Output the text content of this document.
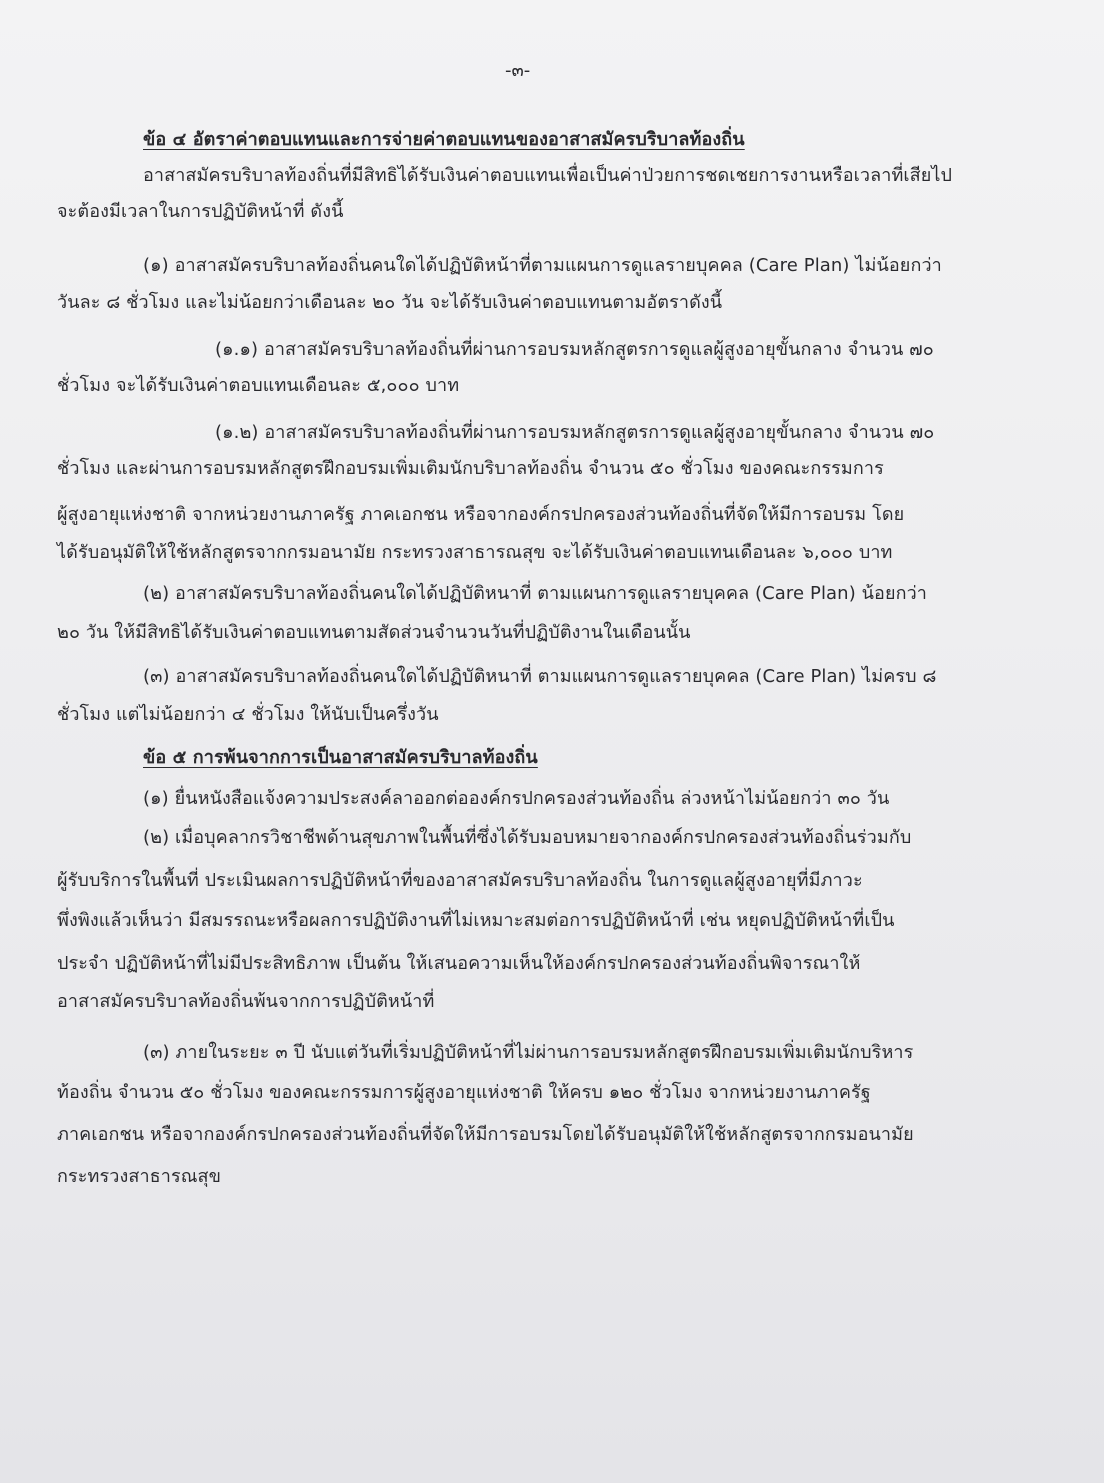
-๓-
ข้อ ๔ อัตราค่าตอบแทนและการจ่ายค่าตอบแทนของอาสาสมัครบริบาลท้องถิ่น
อาสาสมัครบริบาลท้องถิ่นที่มีสิทธิได้รับเงินค่าตอบแทนเพื่อเป็นค่าป่วยการชดเชยการงานหรือเวลาที่เสียไป
จะต้องมีเวลาในการปฏิบัติหน้าที่ ดังนี้
(๑) อาสาสมัครบริบาลท้องถิ่นคนใดได้ปฏิบัติหน้าที่ตามแผนการดูแลรายบุคคล (Care Plan) ไม่น้อยกว่า
วันละ ๘ ชั่วโมง และไม่น้อยกว่าเดือนละ ๒๐ วัน จะได้รับเงินค่าตอบแทนตามอัตราดังนี้
(๑.๑) อาสาสมัครบริบาลท้องถิ่นที่ผ่านการอบรมหลักสูตรการดูแลผู้สูงอายุขั้นกลาง จำนวน ๗๐
ชั่วโมง จะได้รับเงินค่าตอบแทนเดือนละ ๕,๐๐๐ บาท
(๑.๒) อาสาสมัครบริบาลท้องถิ่นที่ผ่านการอบรมหลักสูตรการดูแลผู้สูงอายุขั้นกลาง จำนวน ๗๐
ชั่วโมง และผ่านการอบรมหลักสูตรฝึกอบรมเพิ่มเติมนักบริบาลท้องถิ่น จำนวน ๕๐ ชั่วโมง ของคณะกรรมการ
ผู้สูงอายุแห่งชาติ จากหน่วยงานภาครัฐ ภาคเอกชน หรือจากองค์กรปกครองส่วนท้องถิ่นที่จัดให้มีการอบรม โดย
ได้รับอนุมัติให้ใช้หลักสูตรจากกรมอนามัย กระทรวงสาธารณสุข จะได้รับเงินค่าตอบแทนเดือนละ ๖,๐๐๐ บาท
(๒) อาสาสมัครบริบาลท้องถิ่นคนใดได้ปฏิบัติหนาที่ ตามแผนการดูแลรายบุคคล (Care Plan) น้อยกว่า
๒๐ วัน ให้มีสิทธิได้รับเงินค่าตอบแทนตามสัดส่วนจำนวนวันที่ปฏิบัติงานในเดือนนั้น
(๓) อาสาสมัครบริบาลท้องถิ่นคนใดได้ปฏิบัติหนาที่ ตามแผนการดูแลรายบุคคล (Care Plan) ไม่ครบ ๘
ชั่วโมง แต่ไม่น้อยกว่า ๔ ชั่วโมง ให้นับเป็นครึ่งวัน
ข้อ ๕ การพ้นจากการเป็นอาสาสมัครบริบาลท้องถิ่น
(๑) ยื่นหนังสือแจ้งความประสงค์ลาออกต่อองค์กรปกครองส่วนท้องถิ่น ล่วงหน้าไม่น้อยกว่า ๓๐ วัน
(๒) เมื่อบุคลากรวิชาชีพด้านสุขภาพในพื้นที่ซึ่งได้รับมอบหมายจากองค์กรปกครองส่วนท้องถิ่นร่วมกับ
ผู้รับบริการในพื้นที่ ประเมินผลการปฏิบัติหน้าที่ของอาสาสมัครบริบาลท้องถิ่น ในการดูแลผู้สูงอายุที่มีภาวะ
พึ่งพิงแล้วเห็นว่า มีสมรรถนะหรือผลการปฏิบัติงานที่ไม่เหมาะสมต่อการปฏิบัติหน้าที่ เช่น หยุดปฏิบัติหน้าที่เป็น
ประจำ ปฏิบัติหน้าที่ไม่มีประสิทธิภาพ เป็นต้น ให้เสนอความเห็นให้องค์กรปกครองส่วนท้องถิ่นพิจารณาให้
อาสาสมัครบริบาลท้องถิ่นพ้นจากการปฏิบัติหน้าที่
(๓) ภายในระยะ ๓ ปี นับแต่วันที่เริ่มปฏิบัติหน้าที่ไม่ผ่านการอบรมหลักสูตรฝึกอบรมเพิ่มเติมนักบริหาร
ท้องถิ่น จำนวน ๕๐ ชั่วโมง ของคณะกรรมการผู้สูงอายุแห่งชาติ ให้ครบ ๑๒๐ ชั่วโมง จากหน่วยงานภาครัฐ
ภาคเอกชน หรือจากองค์กรปกครองส่วนท้องถิ่นที่จัดให้มีการอบรมโดยได้รับอนุมัติให้ใช้หลักสูตรจากกรมอนามัย
กระทรวงสาธารณสุข
